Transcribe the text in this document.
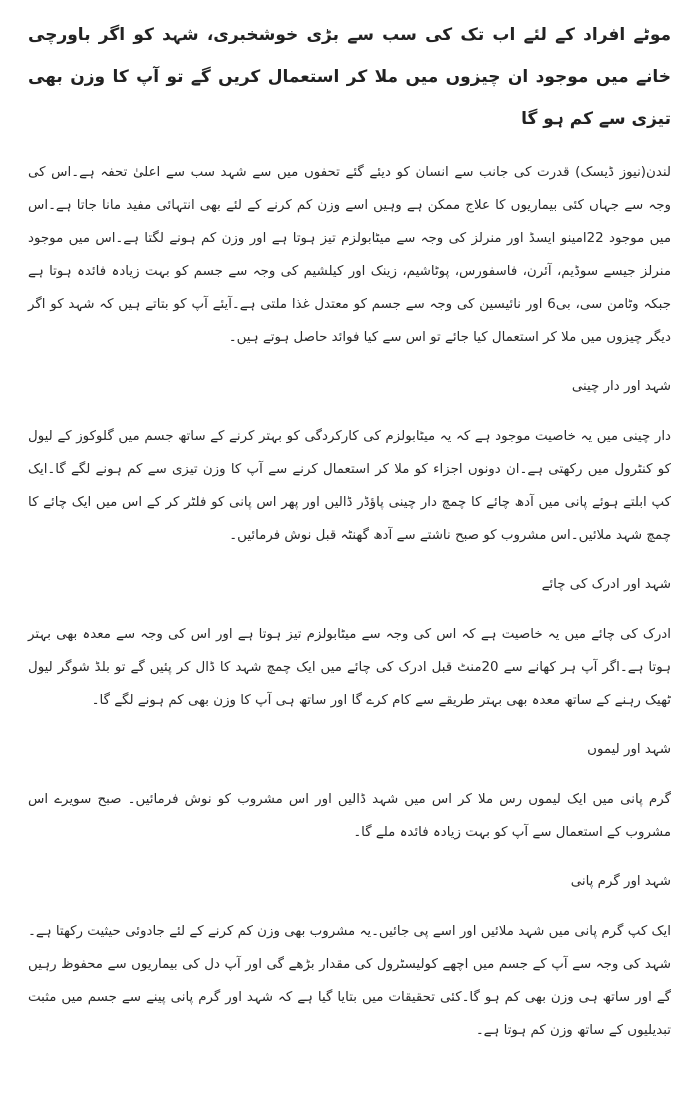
موٹے افراد کے لئے اب تک کی سب سے بڑی خوشخبری، شہد کو اگر باورچی خانے میں موجود ان چیزوں میں ملا کر استعمال کریں گے تو آپ کا وزن بھی تیزی سے کم ہو گا

لندن(نیوز ڈیسک) قدرت کی جانب سے انسان کو دیئے گئے تحفوں میں سے شہد سب سے اعلیٰ تحفہ ہے۔اس کی وجہ سے جہاں کئی بیماریوں کا علاج ممکن ہے وہیں اسے وزن کم کرنے کے لئے بھی انتہائی مفید مانا جاتا ہے۔اس میں موجود 22امینو ایسڈ اور منرلز کی وجہ سے میٹابولزم تیز ہوتا ہے اور وزن کم ہونے لگتا ہے۔اس میں موجود منرلز جیسے سوڈیم، آئرن، فاسفورس، پوٹاشیم، زینک اور کیلشیم کی وجہ سے جسم کو بہت زیادہ فائدہ ہوتا ہے جبکہ وٹامن سی، بی6 اور نائیسین کی وجہ سے جسم کو معتدل غذا ملتی ہے۔آیئے آپ کو بتاتے ہیں کہ شہد کو اگر دیگر چیزوں میں ملا کر استعمال کیا جائے تو اس سے کیا فوائد حاصل ہوتے ہیں۔

شہد اور دار چینی

دار چینی میں یہ خاصیت موجود ہے کہ یہ میٹابولزم کی کارکردگی کو بہتر کرنے کے ساتھ جسم میں گلوکوز کے لیول کو کنٹرول میں رکھتی ہے۔ان دونوں اجزاء کو ملا کر استعمال کرنے سے آپ کا وزن تیزی سے کم ہونے لگے گا۔ایک کپ ابلتے ہوئے پانی میں آدھ چائے کا چمچ دار چینی پاؤڈر ڈالیں اور پھر اس پانی کو فلٹر کر کے اس میں ایک چائے کا چمچ شہد ملائیں۔اس مشروب کو صبح ناشتے سے آدھ گھنٹہ قبل نوش فرمائیں۔

شہد اور ادرک کی چائے

ادرک کی چائے میں یہ خاصیت ہے کہ اس کی وجہ سے میٹابولزم تیز ہوتا ہے اور اس کی وجہ سے معدہ بھی بہتر ہوتا ہے۔اگر آپ ہر کھانے سے 20منٹ قبل ادرک کی چائے میں ایک چمچ شہد کا ڈال کر پئیں گے تو بلڈ شوگر لیول ٹھیک رہنے کے ساتھ معدہ بھی بہتر طریقے سے کام کرے گا اور ساتھ ہی آپ کا وزن بھی کم ہونے لگے گا۔

شہد اور لیموں

گرم پانی میں ایک لیموں رس ملا کر اس میں شہد ڈالیں اور اس مشروب کو نوش فرمائیں۔ صبح سویرے اس مشروب کے استعمال سے آپ کو بہت زیادہ فائدہ ملے گا۔

شہد اور گرم پانی

ایک کپ گرم پانی میں شہد ملائیں اور اسے پی جائیں۔یہ مشروب بھی وزن کم کرنے کے لئے جادوئی حیثیت رکھتا ہے۔شہد کی وجہ سے آپ کے جسم میں اچھے کولیسٹرول کی مقدار بڑھے گی اور آپ دل کی بیماریوں سے محفوظ رہیں گے اور ساتھ ہی وزن بھی کم ہو گا۔کئی تحقیقات میں بتایا گیا ہے کہ شہد اور گرم پانی پینے سے جسم میں مثبت تبدیلیوں کے ساتھ وزن کم ہوتا ہے۔
